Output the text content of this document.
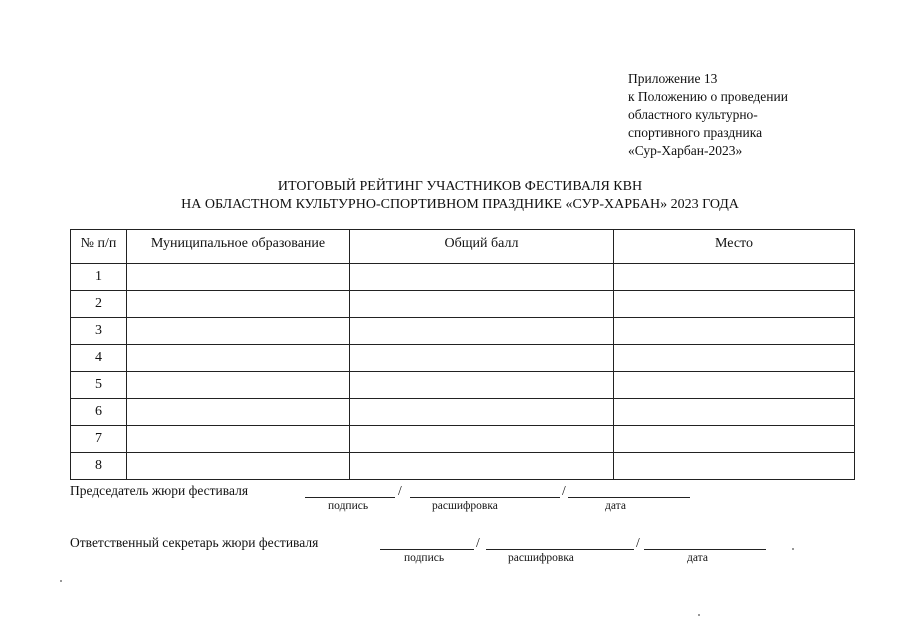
Приложение 13
к Положению о проведении
областного культурно-
спортивного праздника
«Сур-Харбан-2023»
ИТОГОВЫЙ РЕЙТИНГ УЧАСТНИКОВ ФЕСТИВАЛЯ КВН
НА ОБЛАСТНОМ КУЛЬТУРНО-СПОРТИВНОМ ПРАЗДНИКЕ «СУР-ХАРБАН» 2023 ГОДА
№ п/п	Муниципальное образование	Общий балл	Место
1			
2			
3			
4			
5			
6			
7			
8			
Председатель жюри фестиваля	/	/
подпись	расшифровка	дата
Ответственный секретарь жюри фестиваля	/	/
подпись	расшифровка	дата
